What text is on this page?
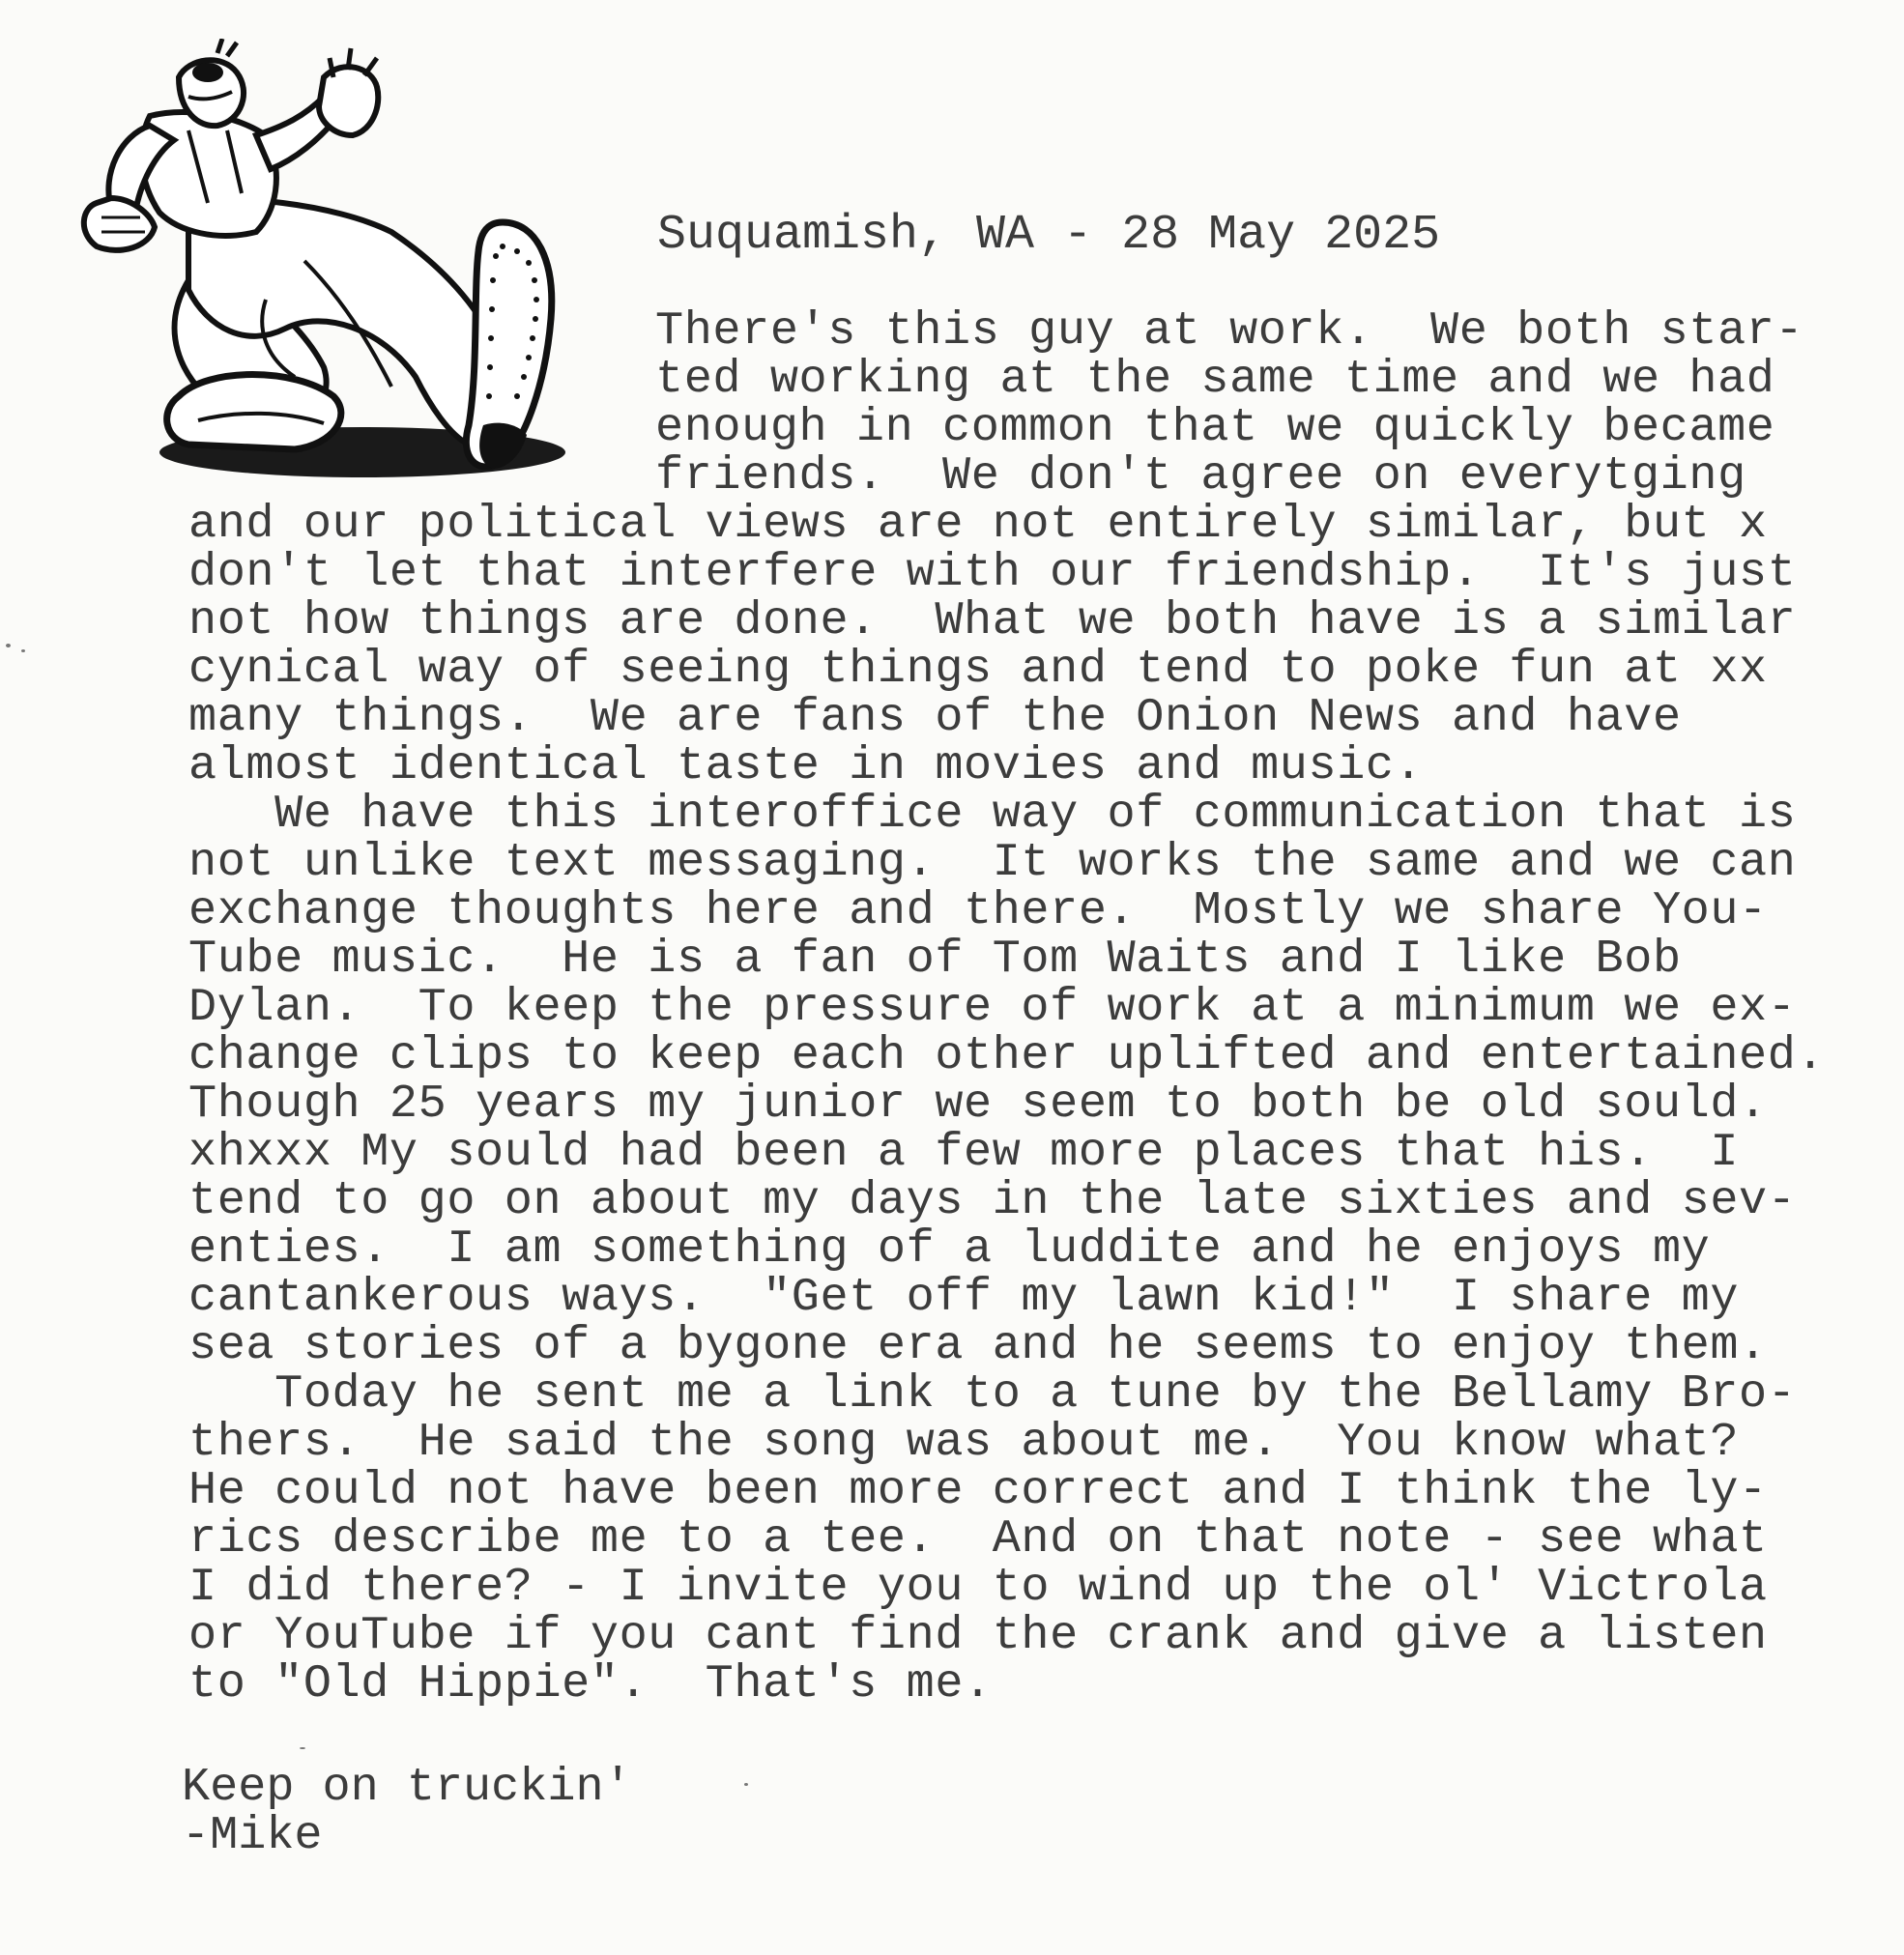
Suquamish, WA - 28 May 2025
There's this guy at work.  We both star-
ted working at the same time and we had
enough in common that we quickly became
friends.  We don't agree on everytging
and our political views are not entirely similar, but x
don't let that interfere with our friendship.  It's just
not how things are done.  What we both have is a similar
cynical way of seeing things and tend to poke fun at xx
many things.  We are fans of the Onion News and have
almost identical taste in movies and music.
We have this interoffice way of communication that is
not unlike text messaging.  It works the same and we can
exchange thoughts here and there.  Mostly we share You-
Tube music.  He is a fan of Tom Waits and I like Bob
Dylan.  To keep the pressure of work at a minimum we ex-
change clips to keep each other uplifted and entertained.
Though 25 years my junior we seem to both be old sould.
xhxxx My sould had been a few more places that his.  I
tend to go on about my days in the late sixties and sev-
enties.  I am something of a luddite and he enjoys my
cantankerous ways.  "Get off my lawn kid!"  I share my
sea stories of a bygone era and he seems to enjoy them.
Today he sent me a link to a tune by the Bellamy Bro-
thers.  He said the song was about me.  You know what?
He could not have been more correct and I think the ly-
rics describe me to a tee.  And on that note - see what
I did there? - I invite you to wind up the ol' Victrola
or YouTube if you cant find the crank and give a listen
to "Old Hippie".  That's me.
Keep on truckin'
-Mike
